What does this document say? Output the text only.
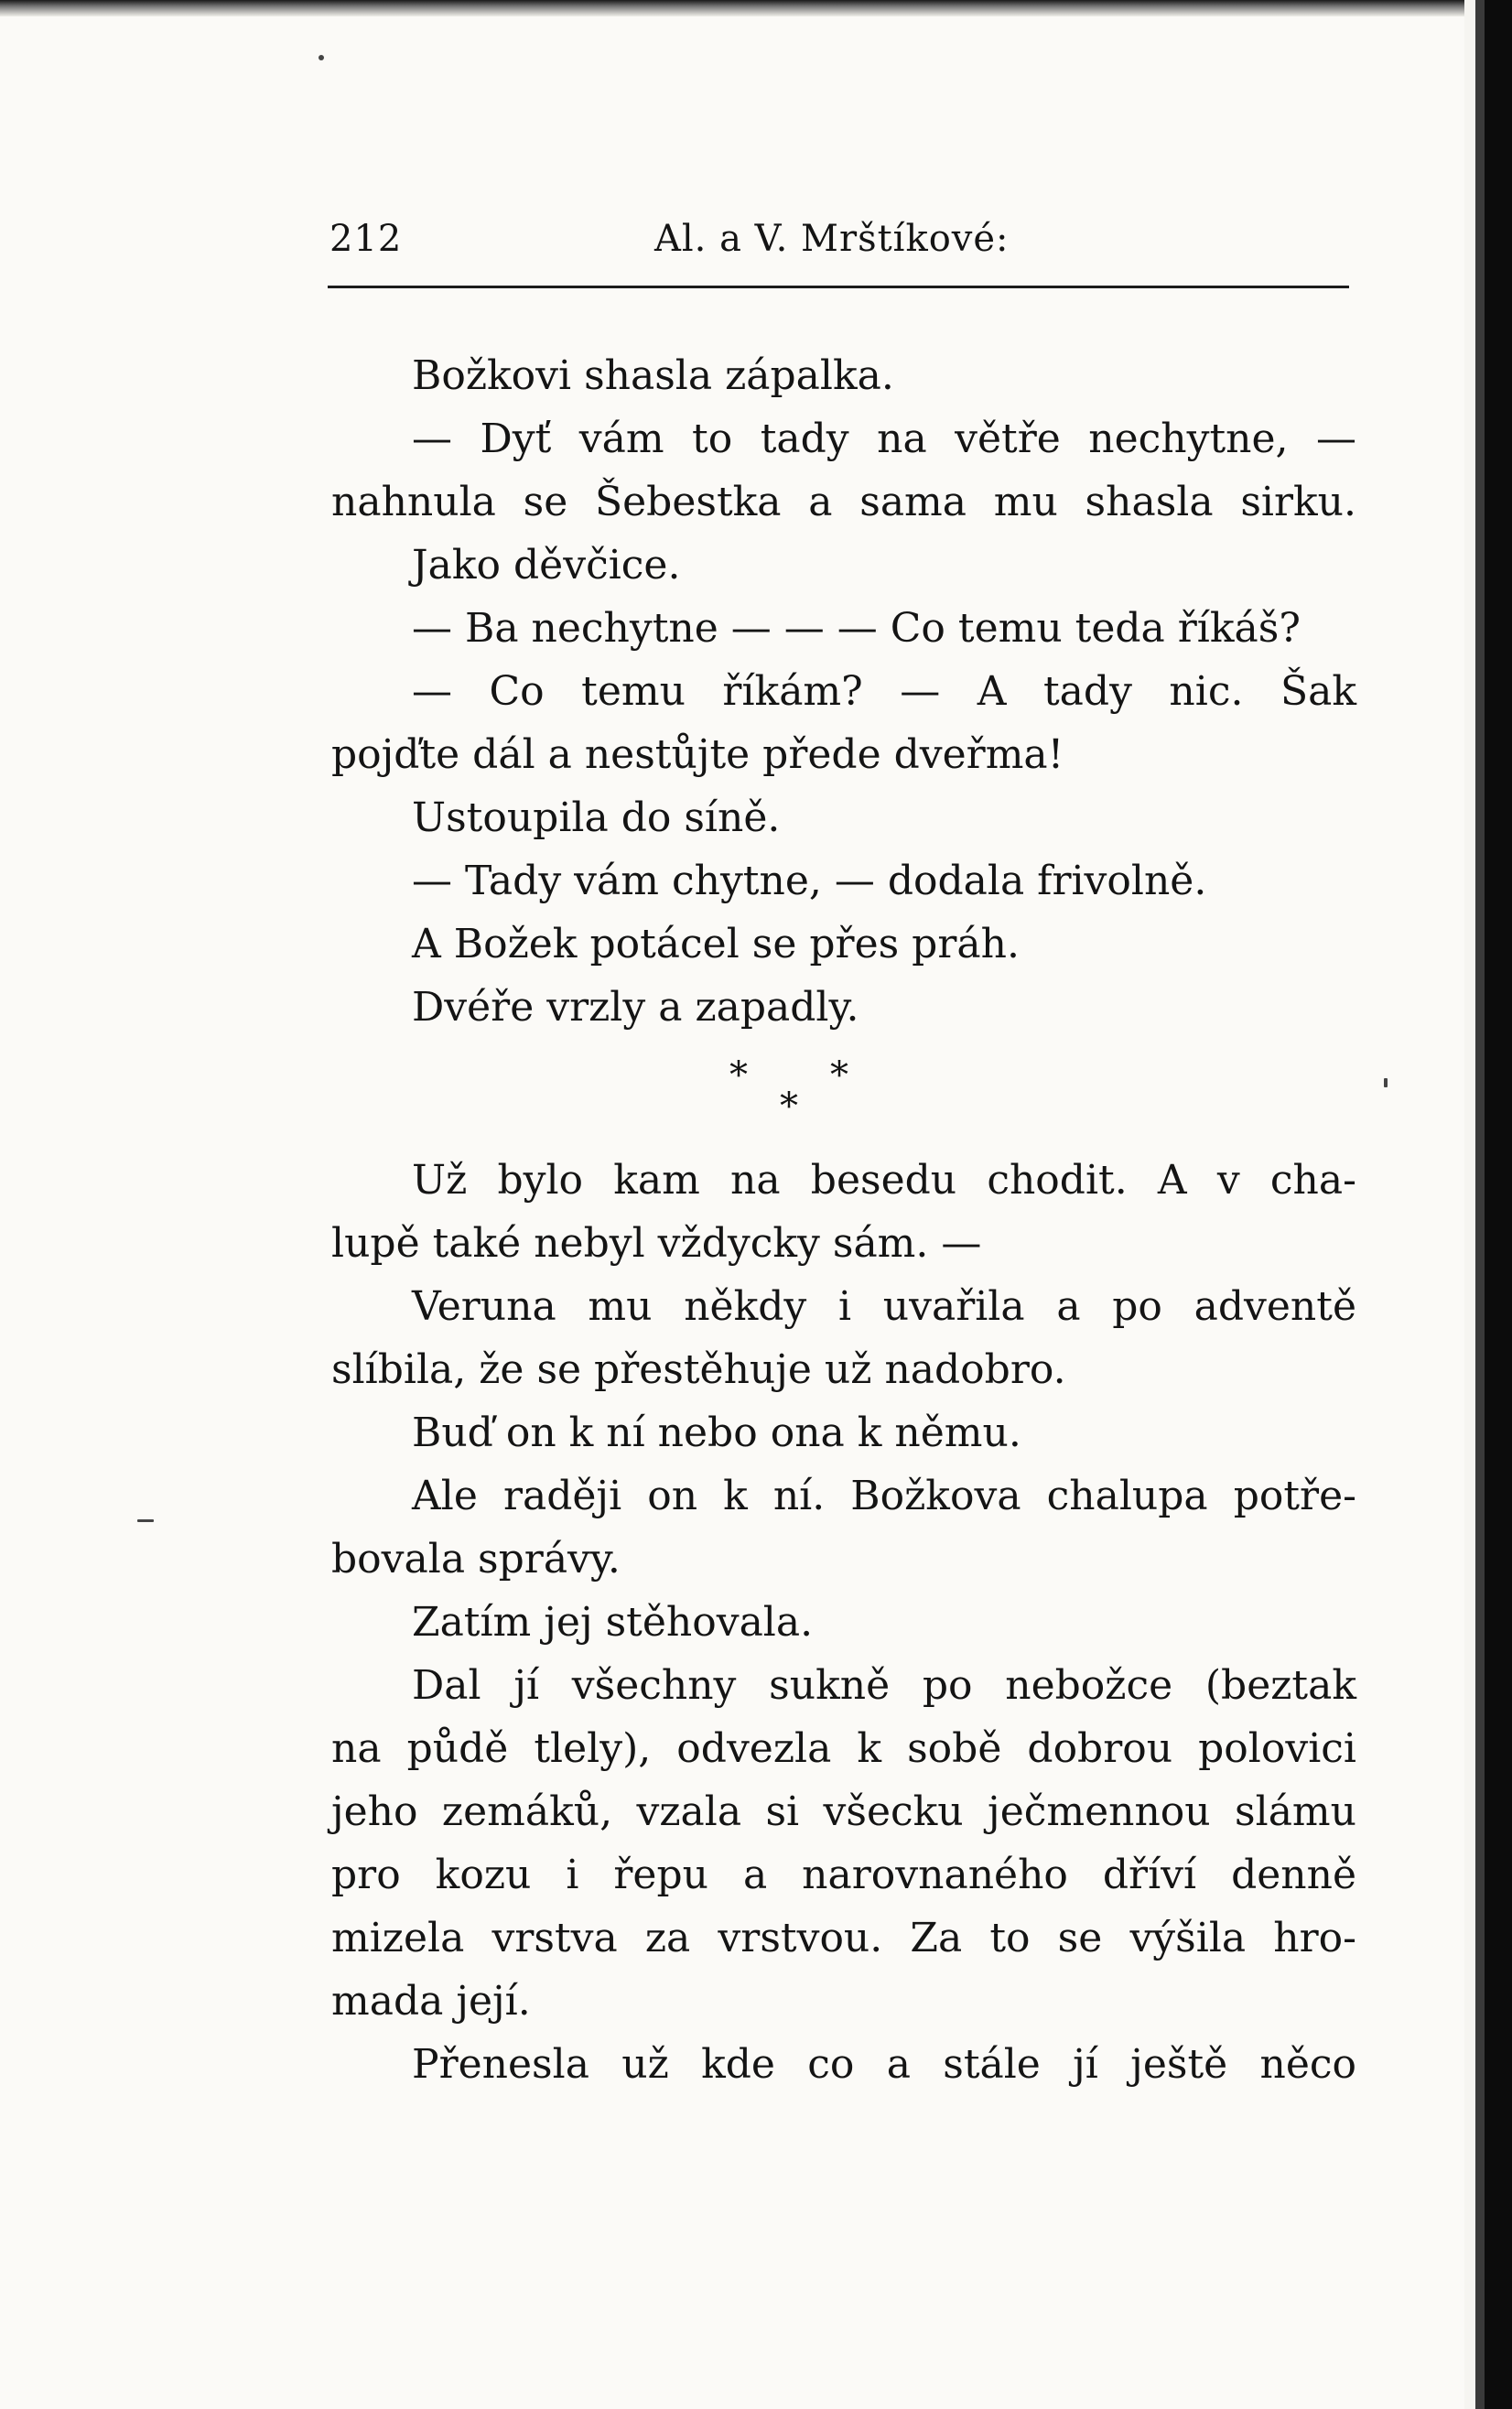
212	Al. a V. Mrštíkové:
Božkovi shasla zápalka.
— Dyť vám to tady na větře nechytne, —
nahnula se Šebestka a sama mu shasla sirku.
Jako děvčice.
— Ba nechytne — — — Co temu teda říkáš?
— Co temu říkám? — A tady nic. Šak
pojďte dál a nestůjte přede dveřma!
Ustoupila do síně.
— Tady vám chytne, — dodala frivolně.
A Božek potácel se přes práh.
Dvéře vrzly a zapadly.
* *
*
Už bylo kam na besedu chodit. A v cha-
lupě také nebyl vždycky sám. —
Veruna mu někdy i uvařila a po adventě
slíbila, že se přestěhuje už nadobro.
Buď on k ní nebo ona k němu.
Ale raději on k ní. Božkova chalupa potře-
bovala správy.
Zatím jej stěhovala.
Dal jí všechny sukně po nebožce (beztak
na půdě tlely), odvezla k sobě dobrou polovici
jeho zemáků, vzala si všecku ječmennou slámu
pro kozu i řepu a narovnaného dříví denně
mizela vrstva za vrstvou. Za to se výšila hro-
mada její.
Přenesla už kde co a stále jí ještě něco
